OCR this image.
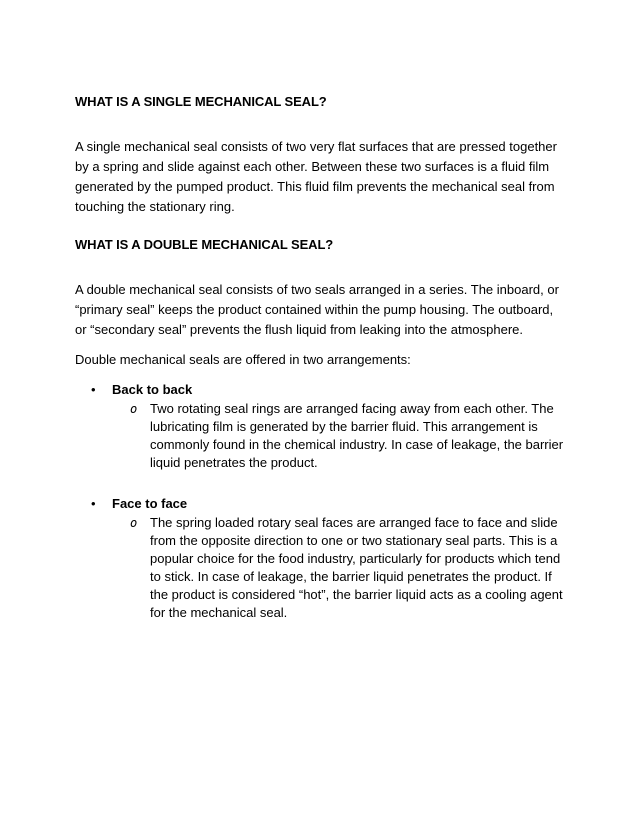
WHAT IS A SINGLE MECHANICAL SEAL?

A single mechanical seal consists of two very flat surfaces that are pressed together by a spring and slide against each other. Between these two surfaces is a fluid film generated by the pumped product. This fluid film prevents the mechanical seal from touching the stationary ring.

WHAT IS A DOUBLE MECHANICAL SEAL?

A double mechanical seal consists of two seals arranged in a series. The inboard, or “primary seal” keeps the product contained within the pump housing. The outboard, or “secondary seal” prevents the flush liquid from leaking into the atmosphere.

Double mechanical seals are offered in two arrangements:

• Back to back

o Two rotating seal rings are arranged facing away from each other. The lubricating film is generated by the barrier fluid. This arrangement is commonly found in the chemical industry. In case of leakage, the barrier liquid penetrates the product.
• Face to face

o The spring loaded rotary seal faces are arranged face to face and slide from the opposite direction to one or two stationary seal parts. This is a popular choice for the food industry, particularly for products which tend to stick. In case of leakage, the barrier liquid penetrates the product. If the product is considered “hot”, the barrier liquid acts as a cooling agent for the mechanical seal.
